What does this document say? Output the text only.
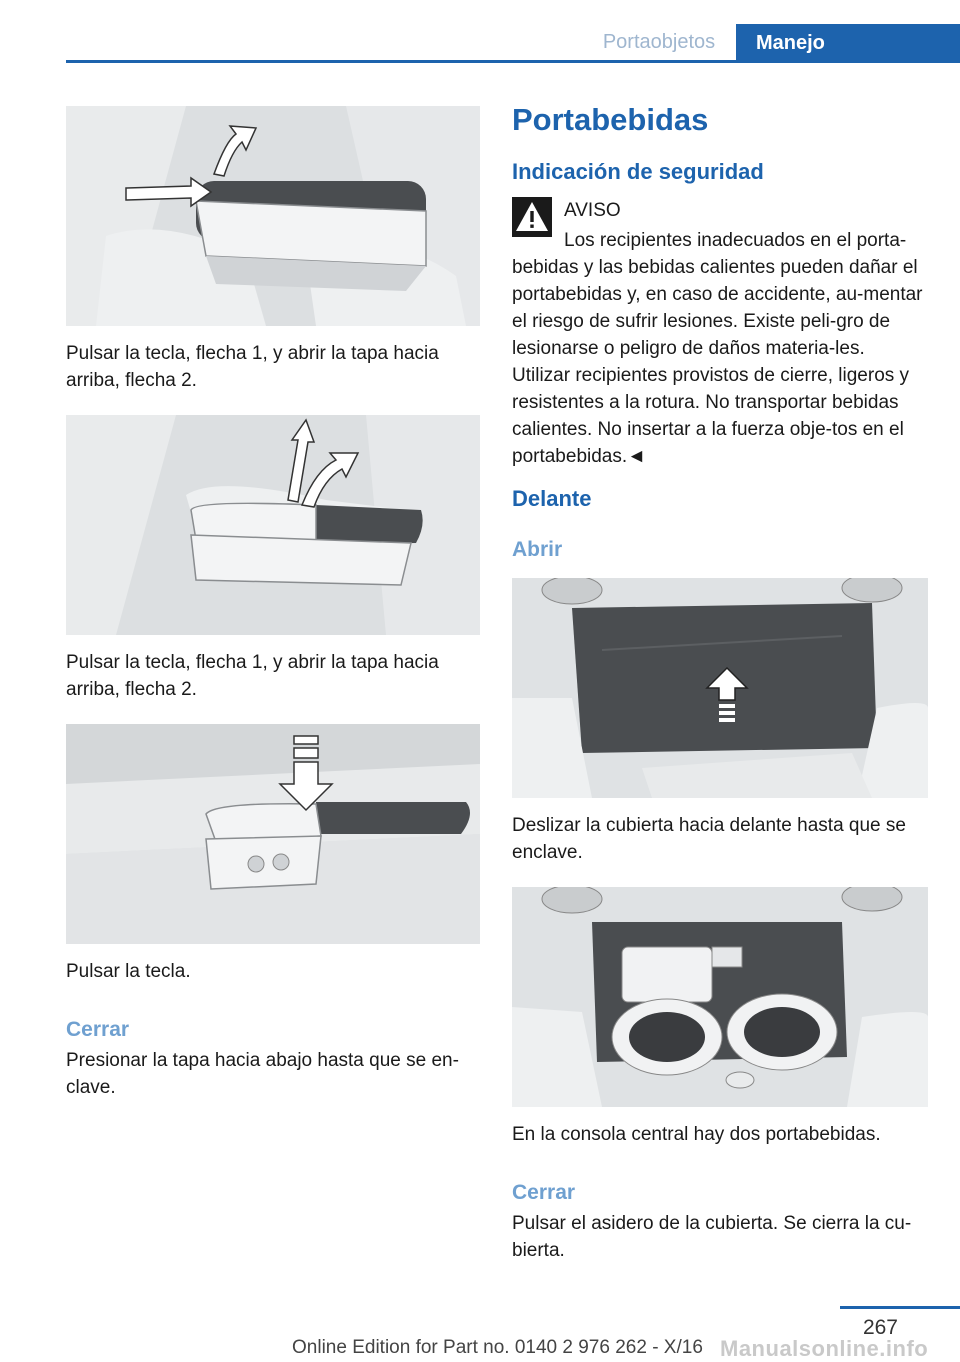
Portaobjetos	Manejo
Pulsar la tecla, flecha 1, y abrir la tapa hacia arriba, flecha 2.
Pulsar la tecla, flecha 1, y abrir la tapa hacia arriba, flecha 2.
Pulsar la tecla.
Cerrar
Presionar la tapa hacia abajo hasta que se en-clave.
Portabebidas
Indicación de seguridad
AVISO
Los recipientes inadecuados en el porta-
bebidas y las bebidas calientes pueden dañar el portabebidas y, en caso de accidente, au-mentar el riesgo de sufrir lesiones. Existe peli-gro de lesionarse o peligro de daños materia-les. Utilizar recipientes provistos de cierre, ligeros y resistentes a la rotura. No transportar bebidas calientes. No insertar a la fuerza obje-tos en el portabebidas.◄
Delante
Abrir
Deslizar la cubierta hacia delante hasta que se enclave.
En la consola central hay dos portabebidas.
Cerrar
Pulsar el asidero de la cubierta. Se cierra la cu-bierta.
267
Manualsonline.info
Online Edition for Part no. 0140 2 976 262 - X/16
